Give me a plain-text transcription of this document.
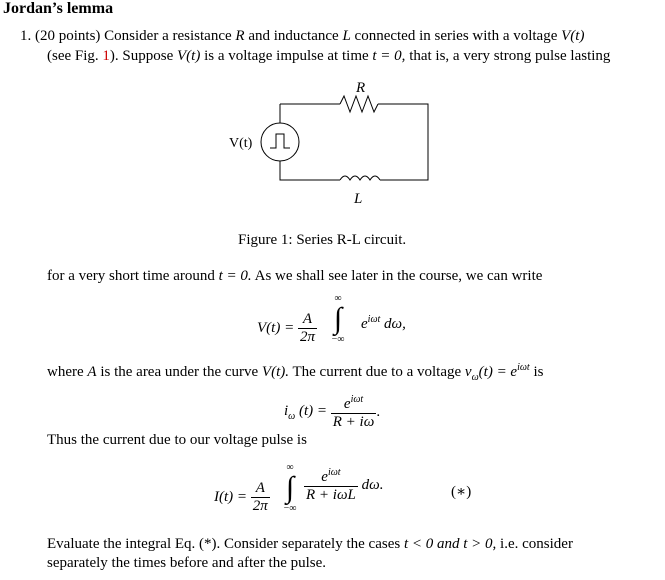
Jordan’s lemma
1. (20 points) Consider a resistance R and inductance L connected in series with a voltage V(t)
(see Fig. 1). Suppose V(t) is a voltage impulse at time t = 0, that is, a very strong pulse lasting
R
L
V(t)
Figure 1: Series R-L circuit.
for a very short time around t = 0. As we shall see later in the course, we can write
$V(t) = \frac{A}{2\pi}$
∞
∫
−∞
$e^{i\omega t}$ dω,
where A is the area under the curve V(t). The current due to a voltage $v_\omega(t) = e^{i\omega t}$ is
$i_\omega$ $(t) = \frac{e^{i\omega t}}{R + i\omega}$ .
Thus the current due to our voltage pulse is
$I(t) = \frac{A}{2\pi}$
∞
∫
−∞
$\frac{e^{i\omega t}}{\text{R + iωL}} d\omega$.	(∗)
Evaluate the integral Eq. (*). Consider separately the cases t < 0 and t > 0, i.e. consider
separately the times before and after the pulse.
